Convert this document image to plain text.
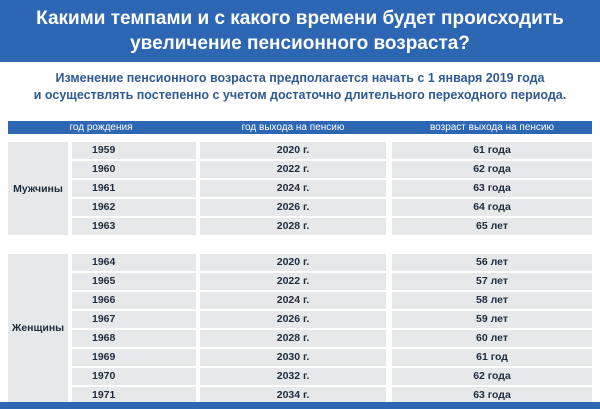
Какими темпами и с какого времени будет происходить
увеличение пенсионного возраста?
Изменение пенсионного возраста предполагается начать с 1 января 2019 года
и осуществлять постепенно с учетом достаточно длительного переходного периода.
год рождения	год выхода на пенсию	возраст выхода на пенсию
Мужчины
1959	2020 г.	61 года
1960	2022 г.	62 года
1961	2024 г.	63 года
1962	2026 г.	64 года
1963	2028 г.	65 лет
Женщины
1964	2020 г.	56 лет
1965	2022 г.	57 лет
1966	2024 г.	58 лет
1967	2026 г.	59 лет
1968	2028 г.	60 лет
1969	2030 г.	61 год
1970	2032 г.	62 года
1971	2034 г.	63 года
